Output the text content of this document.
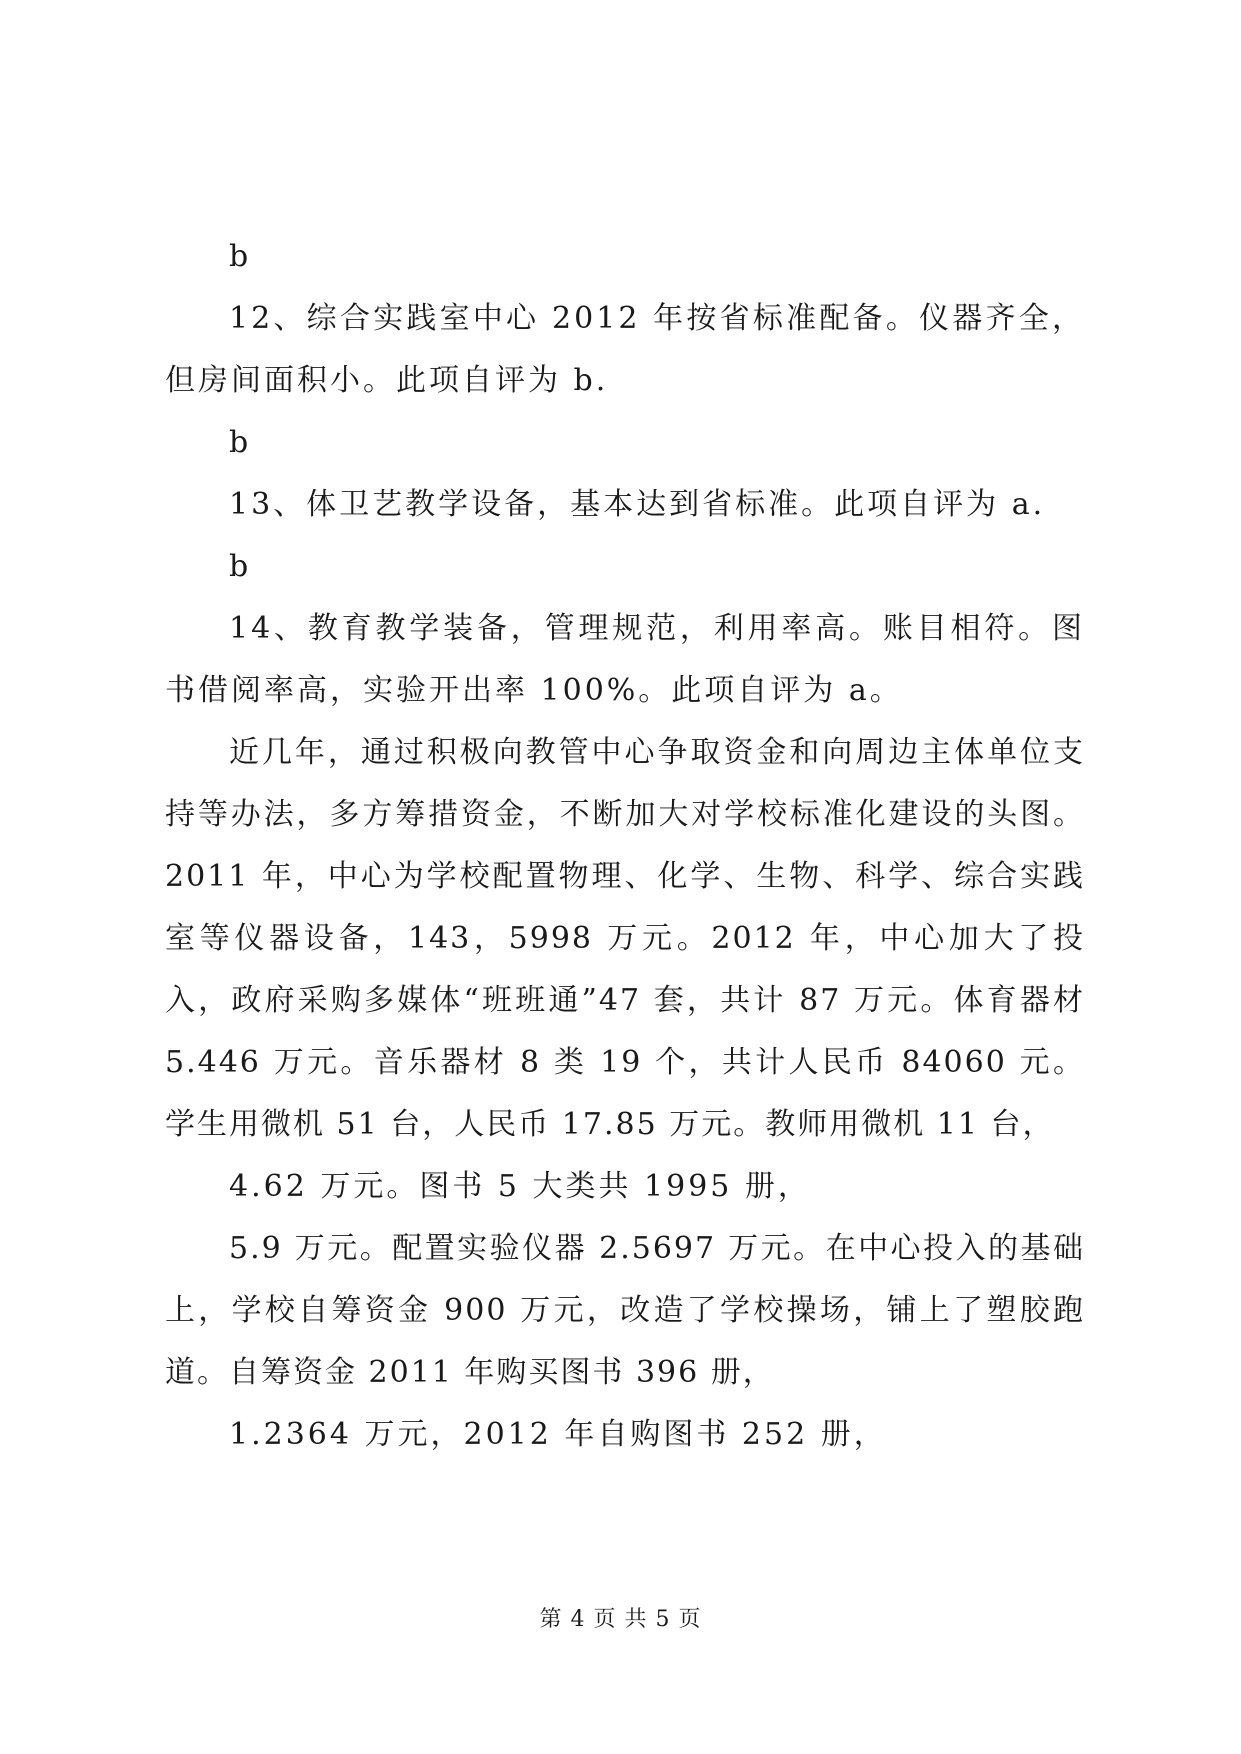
b

12、综合实践室中心 2012 年按省标准配备。仪器齐全，但房间面积小。此项自评为 b.

b

13、体卫艺教学设备，基本达到省标准。此项自评为 a.

b

14、教育教学装备，管理规范，利用率高。账目相符。图书借阅率高，实验开出率 100%。此项自评为 a。

近几年，通过积极向教管中心争取资金和向周边主体单位支持等办法，多方筹措资金，不断加大对学校标准化建设的头图。2011 年，中心为学校配置物理、化学、生物、科学、综合实践室等仪器设备，143，5998 万元。2012 年，中心加大了投入，政府采购多媒体“班班通”47 套，共计 87 万元。体育器材 5.446 万元。音乐器材 8 类 19 个，共计人民币 84060 元。学生用微机 51 台，人民币 17.85 万元。教师用微机 11 台，

4.62 万元。图书 5 大类共 1995 册，

5.9 万元。配置实验仪器 2.5697 万元。在中心投入的基础上，学校自筹资金 900 万元，改造了学校操场，铺上了塑胶跑道。自筹资金 2011 年购买图书 396 册，

1.2364 万元，2012 年自购图书 252 册，

第 4 页 共 5 页
